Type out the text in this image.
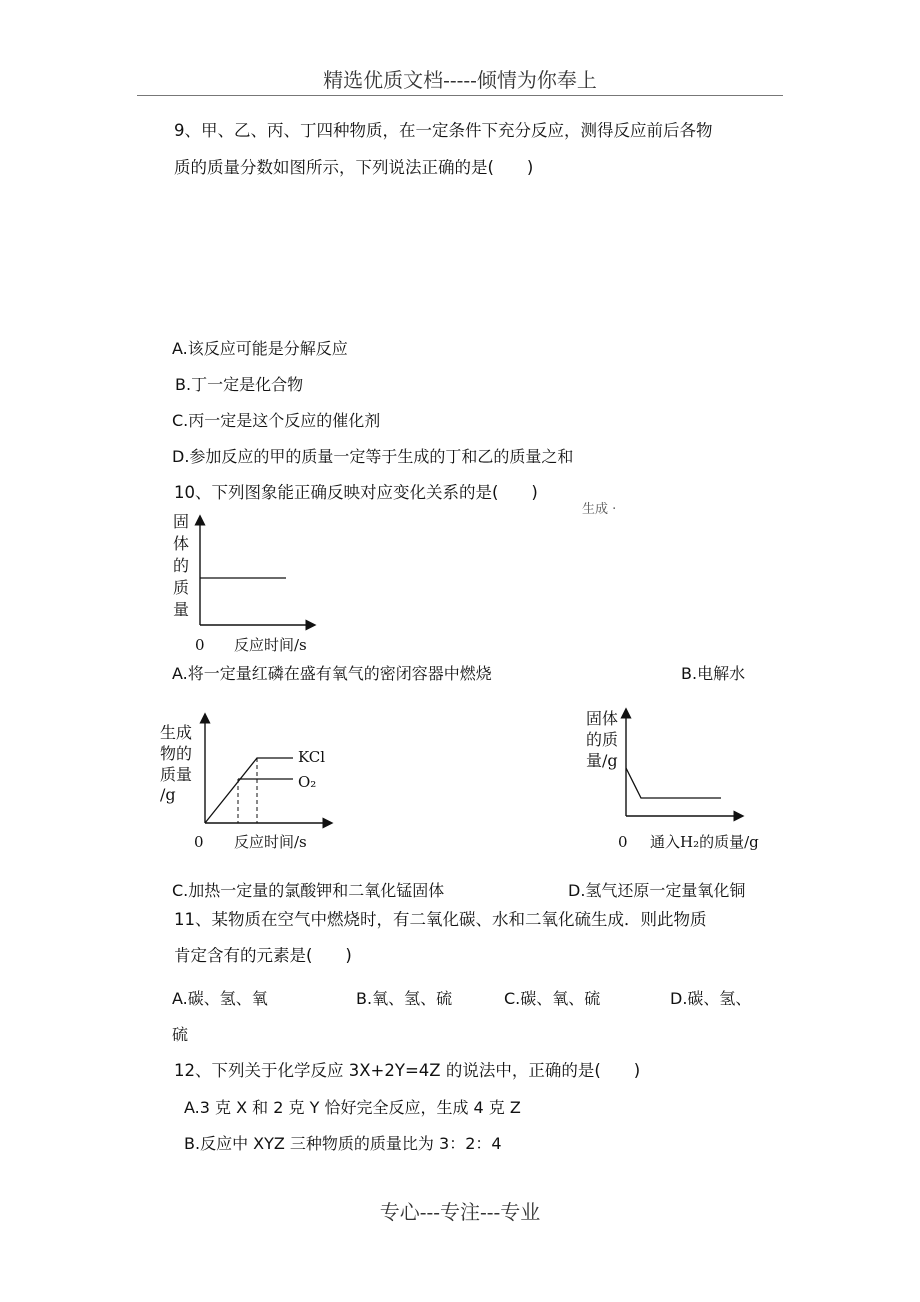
精选优质文档-----倾情为你奉上
9、甲、乙、丙、丁四种物质，在一定条件下充分反应，测得反应前后各物
质的质量分数如图所示，下列说法正确的是(　　)
A.该反应可能是分解反应
B.丁一定是化合物
C.丙一定是这个反应的催化剂
D.参加反应的甲的质量一定等于生成的丁和乙的质量之和
10、下列图象能正确反映对应变化关系的是(　　)
生成 ·
固
体
的
质
量
0 反应时间/s
A.将一定量红磷在盛有氧气的密闭容器中燃烧	B.电解水
KCl
O₂
生成
物的
质量
/g
0 反应时间/s
固体
的质
量/g
0 通入H₂的质量/g
C.加热一定量的氯酸钾和二氧化锰固体	D.氢气还原一定量氧化铜
11、某物质在空气中燃烧时，有二氧化碳、水和二氧化硫生成．则此物质
肯定含有的元素是(　　)
A.碳、氢、氧	B.氧、氢、硫	C.碳、氧、硫	D.碳、氢、
硫
12、下列关于化学反应 3X+2Y=4Z 的说法中，正确的是(　　)
A.3 克 X 和 2 克 Y 恰好完全反应，生成 4 克 Z
B.反应中 XYZ 三种物质的质量比为 3：2：4
专心---专注---专业
